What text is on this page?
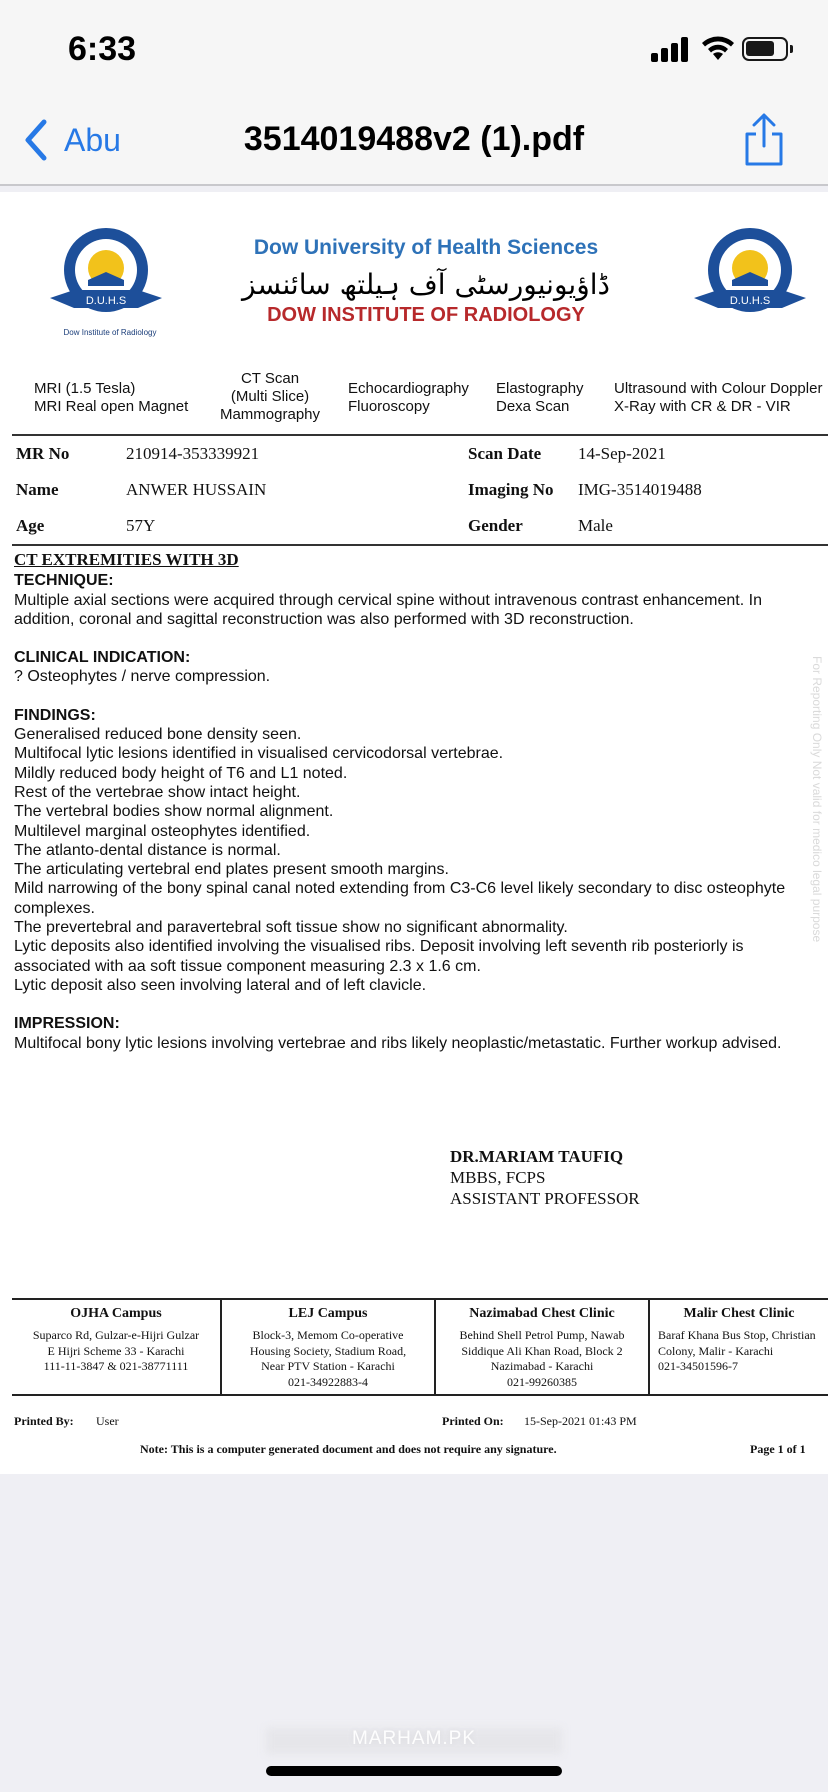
6:33
Abu	3514019488v2 (1).pdf
D.U.H.S
Dow Institute of Radiology
D.U.H.S
Dow University of Health Sciences
ڈاؤیونیورسٹی آف ہیلتھ سائنسز
DOW INSTITUTE OF RADIOLOGY
MRI (1.5 Tesla)
MRI Real open Magnet
CT Scan
(Multi Slice)
Mammography
Echocardiography
Fluoroscopy
Elastography
Dexa Scan
Ultrasound with Colour Doppler
X-Ray with CR & DR - VIR
MR No	210914-353339921	Scan Date 14-Sep-2021
Name	ANWER HUSSAIN	Imaging No IMG-3514019488
Age	57Y	Gender	Male
CT EXTREMITIES WITH 3D
TECHNIQUE:
Multiple axial sections were acquired through cervical spine without intravenous contrast enhancement. In addition, coronal and sagittal reconstruction was also performed with 3D reconstruction.
CLINICAL INDICATION:
? Osteophytes / nerve compression.
FINDINGS:
Generalised reduced bone density seen.
Multifocal lytic lesions identified in visualised cervicodorsal vertebrae.
Mildly reduced body height of T6 and L1 noted.
Rest of the vertebrae show intact height.
The vertebral bodies show normal alignment.
Multilevel marginal osteophytes identified.
The atlanto-dental distance is normal.
The articulating vertebral end plates present smooth margins.
Mild narrowing of the bony spinal canal noted extending from C3-C6 level likely secondary to disc osteophyte complexes.
The prevertebral and paravertebral soft tissue show no significant abnormality.
Lytic deposits also identified involving the visualised ribs. Deposit involving left seventh rib posteriorly is associated with aa soft tissue component measuring 2.3 x 1.6 cm.
Lytic deposit also seen involving lateral and of left clavicle.
IMPRESSION:
Multifocal bony lytic lesions involving vertebrae and ribs likely neoplastic/metastatic. Further workup advised.
For Reporting Only Not valid for medico legal purpose
DR.MARIAM TAUFIQ
MBBS, FCPS
ASSISTANT PROFESSOR
OJHA Campus
Suparco Rd, Gulzar-e-Hijri Gulzar
E Hijri Scheme 33 - Karachi
111-11-3847 & 021-38771111
LEJ Campus
Block-3, Memom Co-operative
Housing Society, Stadium Road,
Near PTV Station - Karachi
021-34922883-4
Nazimabad Chest Clinic
Behind Shell Petrol Pump, Nawab
Siddique Ali Khan Road, Block 2
Nazimabad - Karachi
021-99260385
Malir Chest Clinic
Baraf Khana Bus Stop, Christian
Colony, Malir - Karachi
021-34501596-7
Printed By: User	Printed On: 15-Sep-2021 01:43 PM
Note: This is a computer generated document and does not require any signature.	Page 1 of 1
MARHAM.PK
